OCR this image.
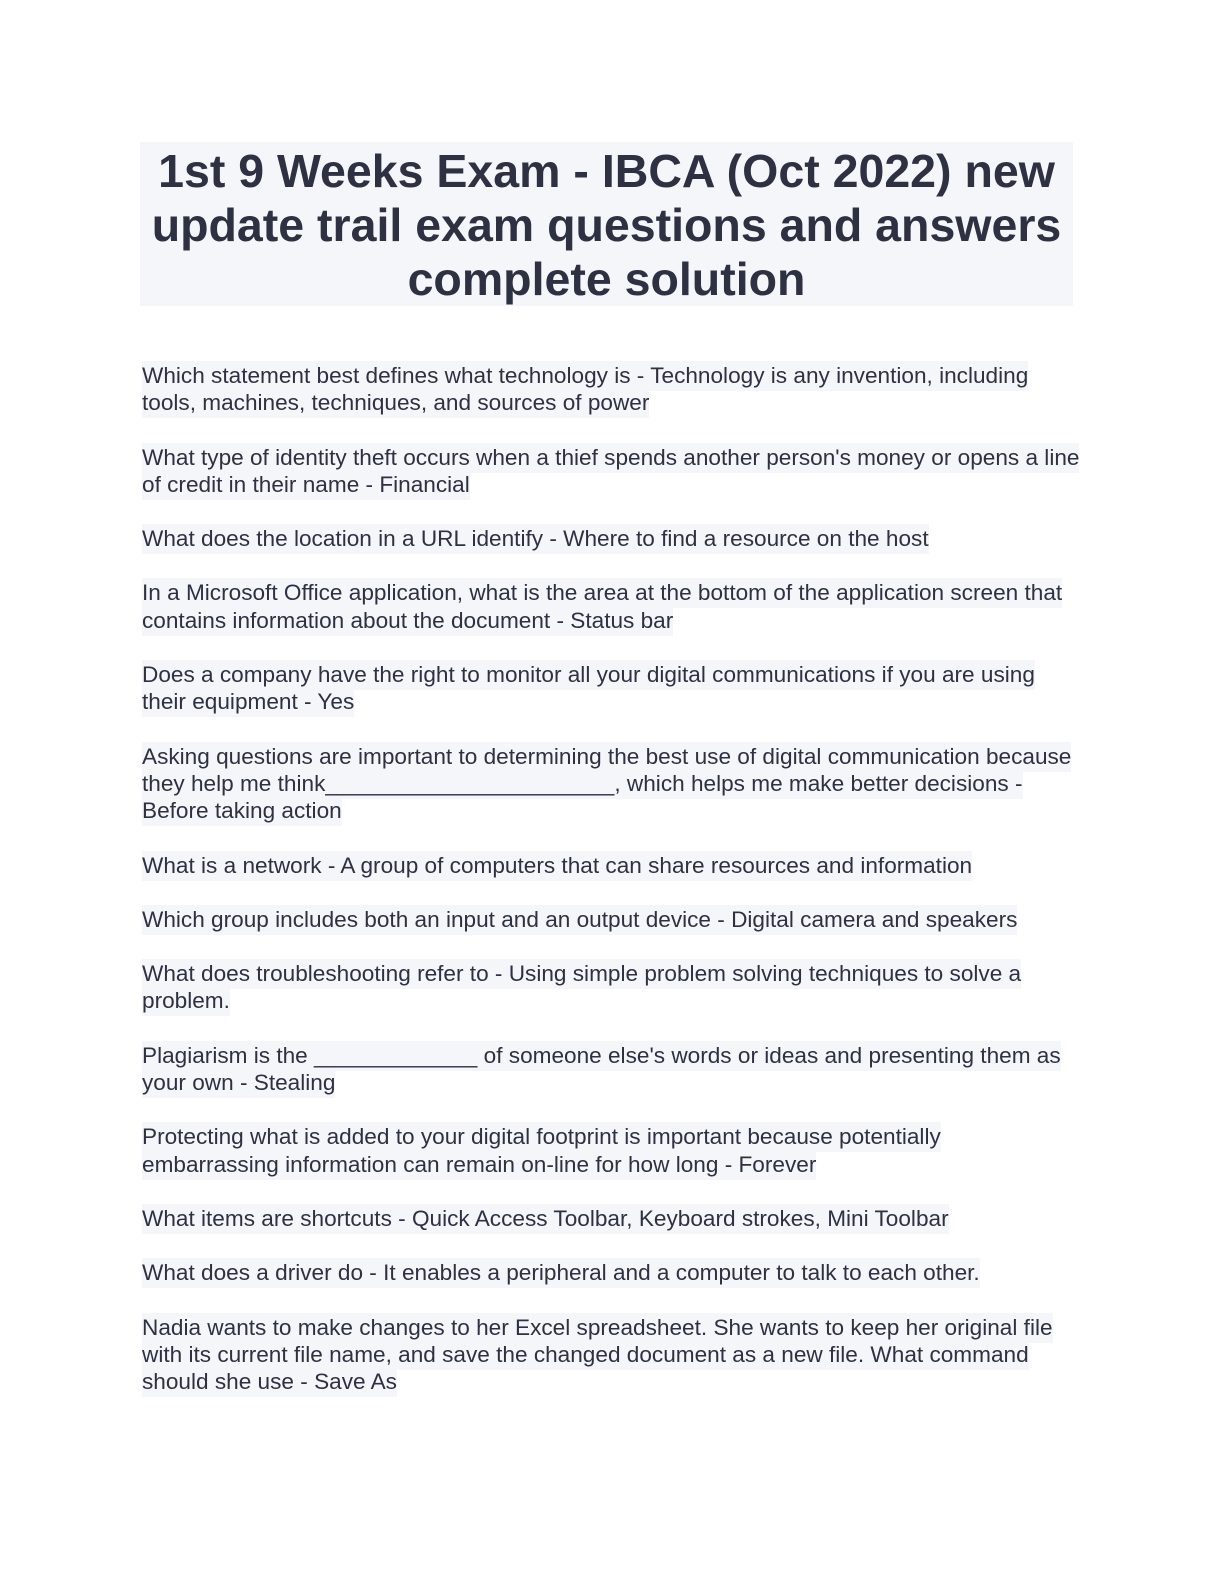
1st 9 Weeks Exam - IBCA (Oct 2022) new update trail exam questions and answers complete solution

Which statement best defines what technology is - Technology is any invention, including tools, machines, techniques, and sources of power

What type of identity theft occurs when a thief spends another person's money or opens a line of credit in their name - Financial

What does the location in a URL identify - Where to find a resource on the host

In a Microsoft Office application, what is the area at the bottom of the application screen that contains information about the document - Status bar

Does a company have the right to monitor all your digital communications if you are using their equipment - Yes

Asking questions are important to determining the best use of digital communication because they help me think_______________________, which helps me make better decisions - Before taking action

What is a network - A group of computers that can share resources and information

Which group includes both an input and an output device - Digital camera and speakers

What does troubleshooting refer to - Using simple problem solving techniques to solve a problem.

Plagiarism is the _____________ of someone else's words or ideas and presenting them as your own - Stealing

Protecting what is added to your digital footprint is important because potentially embarrassing information can remain on-line for how long - Forever

What items are shortcuts - Quick Access Toolbar, Keyboard strokes, Mini Toolbar

What does a driver do - It enables a peripheral and a computer to talk to each other.

Nadia wants to make changes to her Excel spreadsheet. She wants to keep her original file with its current file name, and save the changed document as a new file. What command should she use - Save As
